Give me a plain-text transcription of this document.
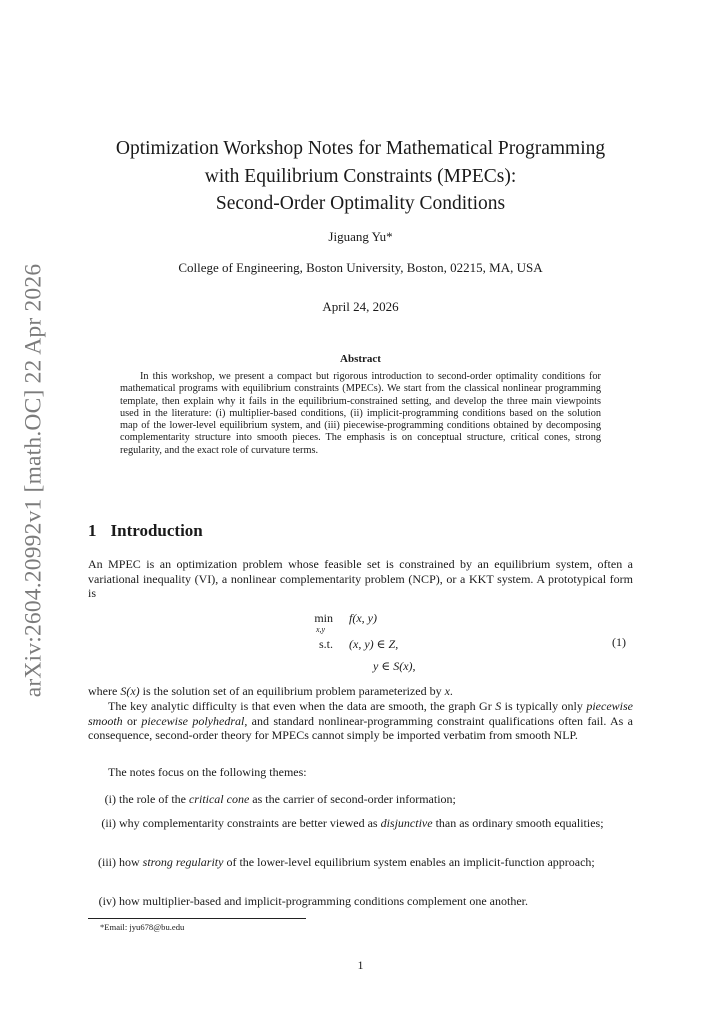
arXiv:2604.20992v1 [math.OC] 22 Apr 2026
Optimization Workshop Notes for Mathematical Programming
with Equilibrium Constraints (MPECs):
Second-Order Optimality Conditions
Jiguang Yu*
College of Engineering, Boston University, Boston, 02215, MA, USA
April 24, 2026
Abstract
In this workshop, we present a compact but rigorous introduction to second-order optimality conditions for mathematical programs with equilibrium constraints (MPECs). We start from the classical nonlinear programming template, then explain why it fails in the equilibrium-constrained setting, and develop the three main viewpoints used in the literature: (i) multiplier-based conditions, (ii) implicit-programming conditions based on the solution map of the lower-level equilibrium system, and (iii) piecewise-programming conditions obtained by decomposing complementarity structure into smooth pieces. The emphasis is on conceptual structure, critical cones, strong regularity, and the exact role of curvature terms.
1 Introduction
An MPEC is an optimization problem whose feasible set is constrained by an equilibrium system, often a variational inequality (VI), a nonlinear complementarity problem (NCP), or a KKT system. A prototypical form is
min
x,y
f(x, y)
s.t. (x, y) ∈ Z,
y ∈ S(x),
(1)
where S(x) is the solution set of an equilibrium problem parameterized by x.
The key analytic difficulty is that even when the data are smooth, the graph Gr S is typically only piecewise smooth or piecewise polyhedral, and standard nonlinear-programming constraint qualifications often fail. As a consequence, second-order theory for MPECs cannot simply be imported verbatim from smooth NLP.
The notes focus on the following themes:
(i) the role of the critical cone as the carrier of second-order information;
(ii) why complementarity constraints are better viewed as disjunctive than as ordinary smooth equalities;
(iii) how strong regularity of the lower-level equilibrium system enables an implicit-function approach;
(iv) how multiplier-based and implicit-programming conditions complement one another.
*Email: jyu678@bu.edu
1
